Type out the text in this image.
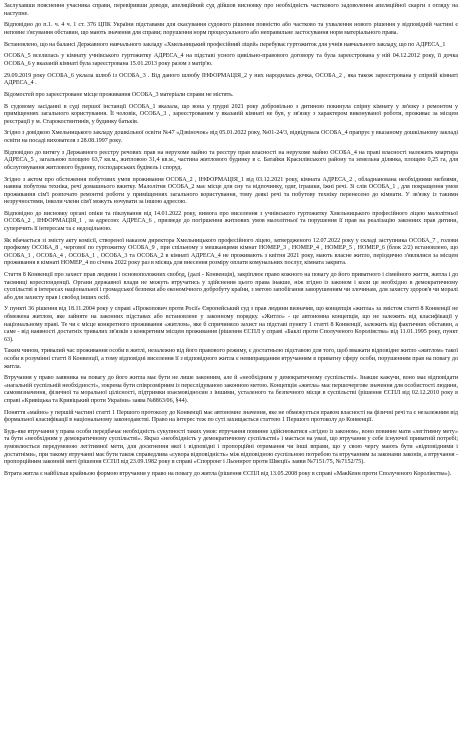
Заслухавши пояснення учасника справи, перевіривши доводи, апеляційний суд дійшов висновку про необхідність часткового задоволення апеляційної скарги з огляду на наступне.

Відповідно до п.1. ч. 4 ч. 1 ст. 376 ЦПК України підставами для скасування судового рішення повністю або частково та ухвалення нового рішення у відповідній частині є неповне з'ясування обставин, що мають значення для справи; порушення норм процесуального або неправильне застосування норм матеріального права.

Встановлено, що на балансі Державного навчального закладу «Хмельницький професійний ліцей» перебуває гуртожиток для учнів навчального закладу, що по АДРЕСА_1

ОСОБА_5 вселилась у кімнату учнівського гуртожитку АДРЕСА_4 на підставі усного цивільно-правового договору та була зареєстрована у ній 04.12.2012 року, її дочка ОСОБА_6 у вказаній кімнаті була зареєстрована 15.01.2013 року разом з матір'ю.

29.09.2019 року ОСОБА_6 уклала шлюб із ОСОБА_3 . Від даного шлюбу ІНФОРМАЦІЯ_2 у них народилась дочка, ОСОБА_2 , яка також зареєстрована у спірній кімнаті АДРЕСА_4 .

Відомостей про зареєстроване місце проживання ОСОБА_3 матеріали справи не містять.

В судовому засіданні в суді першої інстанції ОСОБА_1 вказала, що вона у грудні 2021 року добровільно з дитиною покинула спірну кімнату у зв'язку з ремонтом у приміщеннях загального користування. Її чоловік, ОСОБА_3 , зареєстрованим у вказаній кімнаті не був, у зв'язку з характером виконуваної роботи, проживає за місцем реєстрації у м. Старокостянтинів, у будинку батьків.

Згідно з довідкою Хмельницького закладу дошкільної освіти №47 «Дзвіночок» від 05.01.2022 року, №01-24/3, відвідувала ОСОБА_4 прапрує у вказаному дошкільному закладі освіти на посаді вихователя з 28.08.1997 року.

Відповідно до витягу з Державного реєстру речових прав на нерухоме майно та реєстру прав власності на нерухоме майно ОСОБА_4 на праві власності належить квартира АДРЕСА_5 , загальною площею 63,7 кв.м., житловою 31,4 кв.м., частина житлового будинку в с. Батайки Красилівського району та земельна ділянка, площею 0,25 га, для обслуговування житлового будинку, господарських будівель і споруд.

Згідно з актом про обстеження побутових умов проживання ОСОБА_2 , ІНФОРМАЦІЯ_1 від 03.12.2021 року, кімната АДРЕСА_2 , обладнанована необхідними меблями, наявна побутова техніка, речі домашнього вжитку. Малолітня ОСОБА_2 має місце для сну та відпочинку, одяг, іграшки, їжні речі. Зі слів ОСОБА_1 , для покращення умов проживання сім'ї розпочато ремонтні роботи у приміщеннях загального користування, тому деякі речі та побутову техніку перенесено до кімнати. У зв'язку із такими незручностями, інколи члени сім'ї можуть ночувати за іншою адресою.

Відповідно до висновку органі опіки та піклування від 14.01.2022 року, вимога про виселення з учнівського гуртожитку Хмельницького професійного ліцею малолітньої ОСОБА_2 , ІНФОРМАЦІЯ_1 , за адресою: АДРЕСА_6 , призведе до погіршення житлових умов малолітньої та порушення її прав на реалізацію законних прав дитини, суперечить її інтересам та є недоцільною.

Як вбачається зі змісту акту комісії, створеної наказом директора Хмельницького професійного ліцею, затвердженого 12.07.2022 року у складі заступника ОСОБА_7 , голови профкому ОСОБА_8 , чергової по гуртожитку ОСОБА_9 , при спільному з мешканцями кімнат НОМЕР_3 , НОМЕР_4 , НОМЕР_5 , НОМЕР_6 (блок 2/2) встановлено, що ОСОБА_1 , ОСОБА_4 , ОСОБА_1 , ОСОБА_3 та ОСОБА_2 в кімнаті АДРЕСА_4 не проживають з квітня 2021 року, мають власне житло, періодично з'являлися за місцем проживання в кімнаті НОМЕР_4 по січень 2022 року раз в місяць для внесення розміру оплати комунальних послуг, кімната закрита.

Стаття 8 Конвенції про захист прав людини і основоположних свобод, (далі - Конвенція), закріплює право кожного на повагу до його приватного і сімейного життя, житла і до таємниці кореспонденції. Органи державної влади не можуть втручатись у здійснення цього права інакше, ніж згідно із законом і коли це необхідно в демократичному суспільстві в інтересах національної і громадської безпеки або економічного добробуту країни, з метою запобігання заворушенням чи злочинам, для захисту здоров'я чи моралі або для захисту прав і свобод інших осіб.

У пункті 36 рішення від 18.11.2004 року у справі «Прокопович проти Росії» Європейський суд з прав людини визначив, що концепція «житла» за змістом статті 8 Конвенції не обмежена житлом, яке зайняте на законних підставах або встановлене у законному порядку. «Житло» - це автономна концепція, що не залежить від класифікації у національному праві. Те чи є місце конкретного проживання «житлом», яке б спричиняло захист на підставі пункту 1 статті 8 Конвенції, залежить від фактичних обставин, а саме - від наявності достатніх тривалих зв'язків з конкретним місцем проживання (рішення ЄСПЛ у справі «Баклі проти Сполученого Королівства» від 11.01.1995 року, пункт 63).

Таким чином, тривалий час проживання особи в житлі, незалежно від його правового режиму, є достатньою підставою для того, щоб вважати відповідне житло «житлом» такої особи в розумінні статті 8 Конвенції, а тому відповідні виселення її з відповідного житла є невиправданим втручанням в приватну сферу особи, порушенням прав на повагу до житла.

Втручання у право заявника на повагу до його житла має бути не лише законним, але й «необхідним у демократичному суспільстві». Інакше кажучи, воно має відповідати «нагальній суспільній необхідності», зокрема бути співрозмірним із переслідуваною законною метою. Концепція «житла» має першочергове значення для особистості людини, самовизначення, фізичної та моральної цілісності, підтримки взаємовідносин з іншими, усталеного та безпечного місця в суспільстві (рішення ЄСПЛ від 02.12.2010 року в справі «Кривіцька та Кривіцький проти України» заява №8863/06, §44).

Поняття «майно» у першій частині статті 1 Першого протоколу до Конвенції має автономне значення, яке не обмежується правом власності на фізичні речі та є незалежним від формальної класифікації в національному законодавстві. Право на інтерес теж по суті захищається статтею 1 Першого протоколу до Конвенції.

Будь-яке втручання у права особи передбачає необхідність сукупності таких умов: втручання повинне здійснюватися «згідно із законом», воно повинне мати «легітимну мету» та бути «необхідним у демократичному суспільстві». Якраз «необхідність у демократичному суспільстві» і мається на увазі, що втручання у себе існуючої приватній потребі; зумовлюється передумовою легітимної мети, для досягнення якої і відповідні і пропорційні отримання чи інші вправи, що у свою чергу мають бути «відповідними і достатніми», при такому втручанні має бути також справедлива «сувора відповідність» між відповідною суспільною потребою та втручанням за законами законів, а втручання - пропорційним законній меті (рішення ЄСПЛ від 23.09.1982 року в справі «Спорронг і Льоннрот проти Швеції» заяви №7151/75, №7152/75).

Втрата житла є найбільш крайньою формою втручання у право на повагу до житла (рішення ЄСПЛ від 13.05.2008 року в справі «МакКенн проти Сполученого Королівства»).
